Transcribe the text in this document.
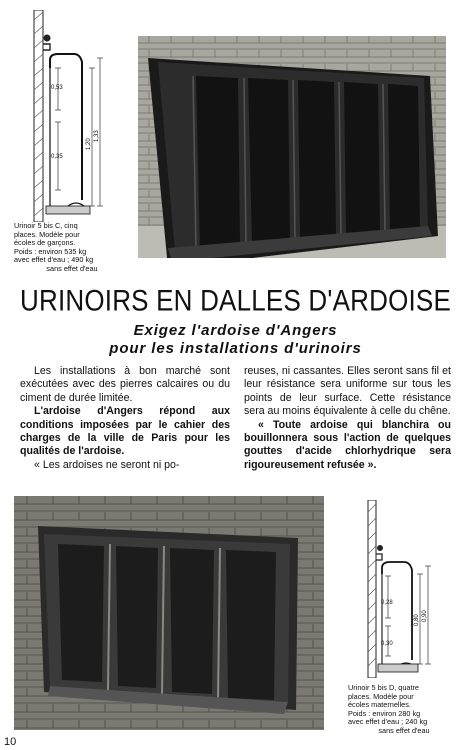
0,53
0,35
1,20
1,33
Urinoir 5 bis C, cinq
places. Modèle pour
écoles de garçons.
Poids : environ 535 kg
avec effet d'eau ; 490 kg
sans effet d'eau
URINOIRS EN DALLES D'ARDOISE
Exigez l'ardoise d'Angers
pour les installations d'urinoirs

Les installations à bon marché sont exécutées avec des pierres calcaires ou du ciment de durée limitée.

L'ardoise d'Angers répond aux conditions imposées par le cahier des charges de la ville de Paris pour les qualités de l'ardoise.

« Les ardoises ne seront ni po-

reuses, ni cassantes. Elles seront sans fil et leur résistance sera uniforme sur tous les points de leur surface. Cette résistance sera au moins équivalente à celle du chêne.

« Toute ardoise qui blanchira ou bouillonnera sous l'action de quelques gouttes d'acide chlorhydrique sera rigoureusement refusée ».

0,28
0,30
0,80 0,90
Urinoir 5 bis D, quatre
places. Modèle pour
écoles maternelles.
Poids : environ 280 kg
avec effet d'eau ; 240 kg
sans effet d'eau
10
